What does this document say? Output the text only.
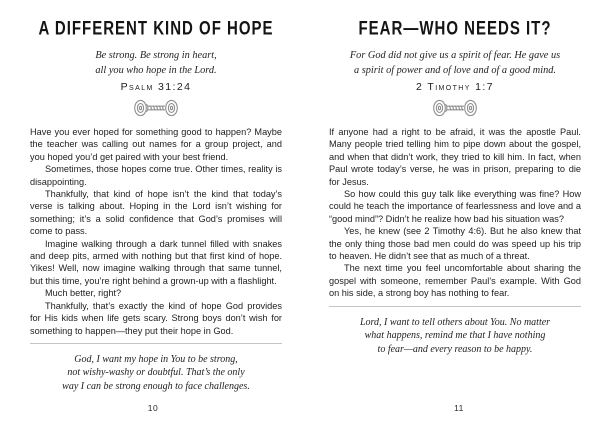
A DIFFERENT KIND OF HOPE
Be strong. Be strong in heart,
all you who hope in the Lord.
Psalm 31:24

Have you ever hoped for something good to happen? Maybe the teacher was calling out names for a group project, and you hoped you’d get paired with your best friend.

Sometimes, those hopes come true. Other times, reality is disappointing.

Thankfully, that kind of hope isn’t the kind that today’s verse is talking about. Hoping in the Lord isn’t wishing for something; it’s a solid confidence that God’s promises will come to pass.

Imagine walking through a dark tunnel filled with snakes and deep pits, armed with nothing but that first kind of hope. Yikes! Well, now imagine walking through that same tunnel, but this time, you’re right behind a grown-up with a flashlight.

Much better, right?

Thankfully, that’s exactly the kind of hope God provides for His kids when life gets scary. Strong boys don’t wish for something to happen—they put their hope in God.

God, I want my hope in You to be strong,
not wishy-washy or doubtful. That’s the only
way I can be strong enough to face challenges.
10
FEAR—WHO NEEDS IT?
For God did not give us a spirit of fear. He gave us
a spirit of power and of love and of a good mind.
2 Timothy 1:7

If anyone had a right to be afraid, it was the apostle Paul. Many people tried telling him to pipe down about the gospel, and when that didn’t work, they tried to kill him. In fact, when Paul wrote today’s verse, he was in prison, preparing to die for Jesus.

So how could this guy talk like everything was fine? How could he teach the importance of fearlessness and love and a “good mind”? Didn’t he realize how bad his situation was?

Yes, he knew (see 2 Timothy 4:6). But he also knew that the only thing those bad men could do was speed up his trip to heaven. He didn’t see that as much of a threat.

The next time you feel uncomfortable about sharing the gospel with someone, remember Paul’s example. With God on his side, a strong boy has nothing to fear.

Lord, I want to tell others about You. No matter
what happens, remind me that I have nothing
to fear—and every reason to be happy.
11
